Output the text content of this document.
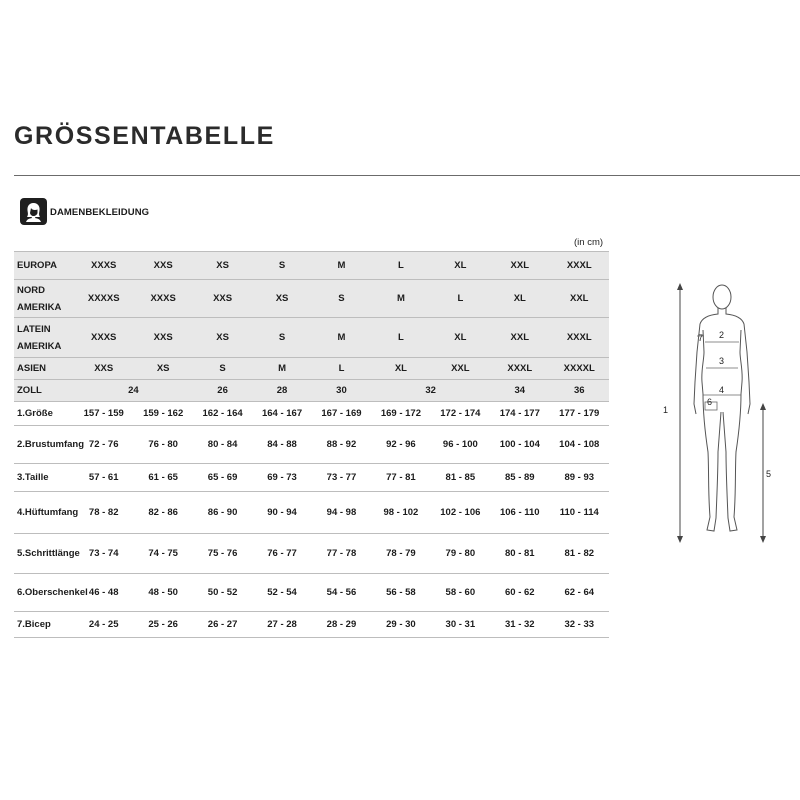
GRÖSSENTABELLE
DAMENBEKLEIDUNG
(in cm)
EUROPA	XXXS	XXS	XS	S	M	L	XL	XXL	XXXL
NORD AMERIKA	XXXXS	XXXS	XXS	XS	S	M	L	XL	XXL
LATEIN AMERIKA	XXXS	XXS	XS	S	M	L	XL	XXL	XXXL
ASIEN	XXS	XS	S	M	L	XL	XXL	XXXL	XXXXL
ZOLL	24		26	28	30	32		34	36
1.Größe	157 - 159	159 - 162	162 - 164	164 - 167	167 - 169	169 - 172	172 - 174	174 - 177	177 - 179
2.Brustumfang	72 - 76	76 - 80	80 - 84	84 - 88	88 - 92	92 - 96	96 - 100	100 - 104	104 - 108
3.Taille	57 - 61	61 - 65	65 - 69	69 - 73	73 - 77	77 - 81	81 - 85	85 - 89	89 - 93
4.Hüftumfang	78 - 82	82 - 86	86 - 90	90 - 94	94 - 98	98 - 102	102 - 106	106 - 110	110 - 114
5.Schrittlänge	73 - 74	74 - 75	75 - 76	76 - 77	77 - 78	78 - 79	79 - 80	80 - 81	81 - 82
6.Oberschenkel	46 - 48	48 - 50	50 - 52	52 - 54	54 - 56	56 - 58	58 - 60	60 - 62	62 - 64
7.Bicep	24 - 25	25 - 26	26 - 27	27 - 28	28 - 29	29 - 30	30 - 31	31 - 32	32 - 33
1
5
7 2
3
4
6
